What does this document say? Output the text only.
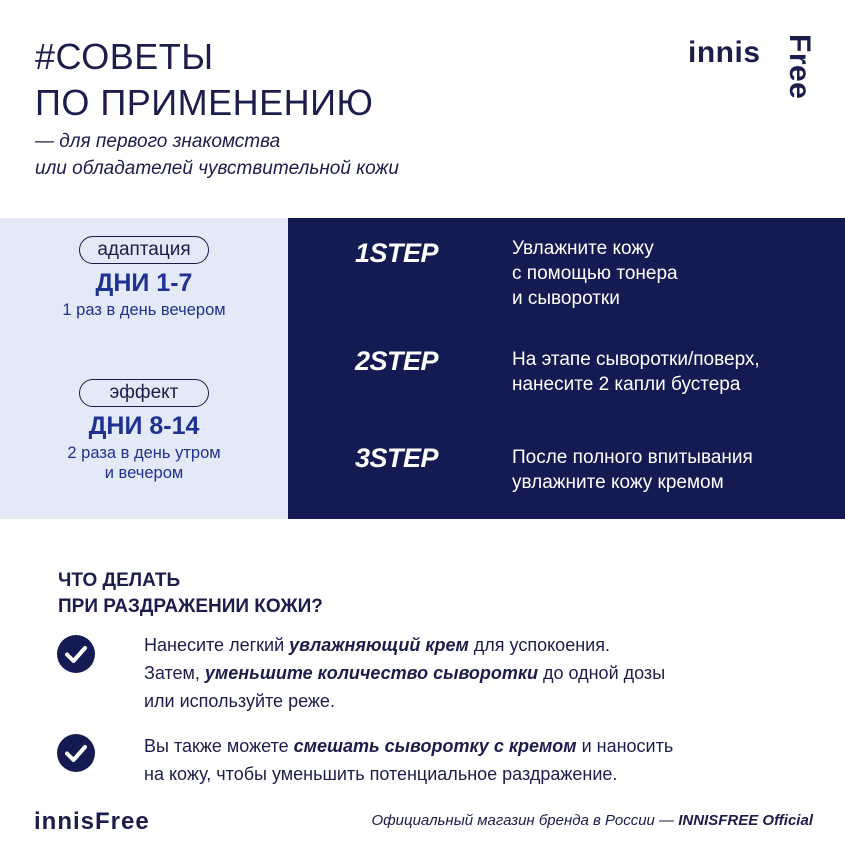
#СОВЕТЫ
ПО ПРИМЕНЕНИЮ
— для первого знакомства
или обладателей чувствительной кожи
innis Free
адаптация
ДНИ 1-7
1 раз в день вечером
эффект
ДНИ 8-14
2 раза в день утром
и вечером
1STEP	Увлажните кожу
с помощью тонера
и сыворотки
2STEP	На этапе сыворотки/поверх,
нанесите 2 капли бустера
3STEP	После полного впитывания
увлажните кожу кремом
ЧТО ДЕЛАТЬ
ПРИ РАЗДРАЖЕНИИ КОЖИ?
Нанесите легкий увлажняющий крем для успокоения.
Затем, уменьшите количество сыворотки до одной дозы
или используйте реже.
Вы также можете смешать сыворотку с кремом и наносить
на кожу, чтобы уменьшить потенциальное раздражение.
innisFree	Официальный магазин бренда в России — INNISFREE Official
